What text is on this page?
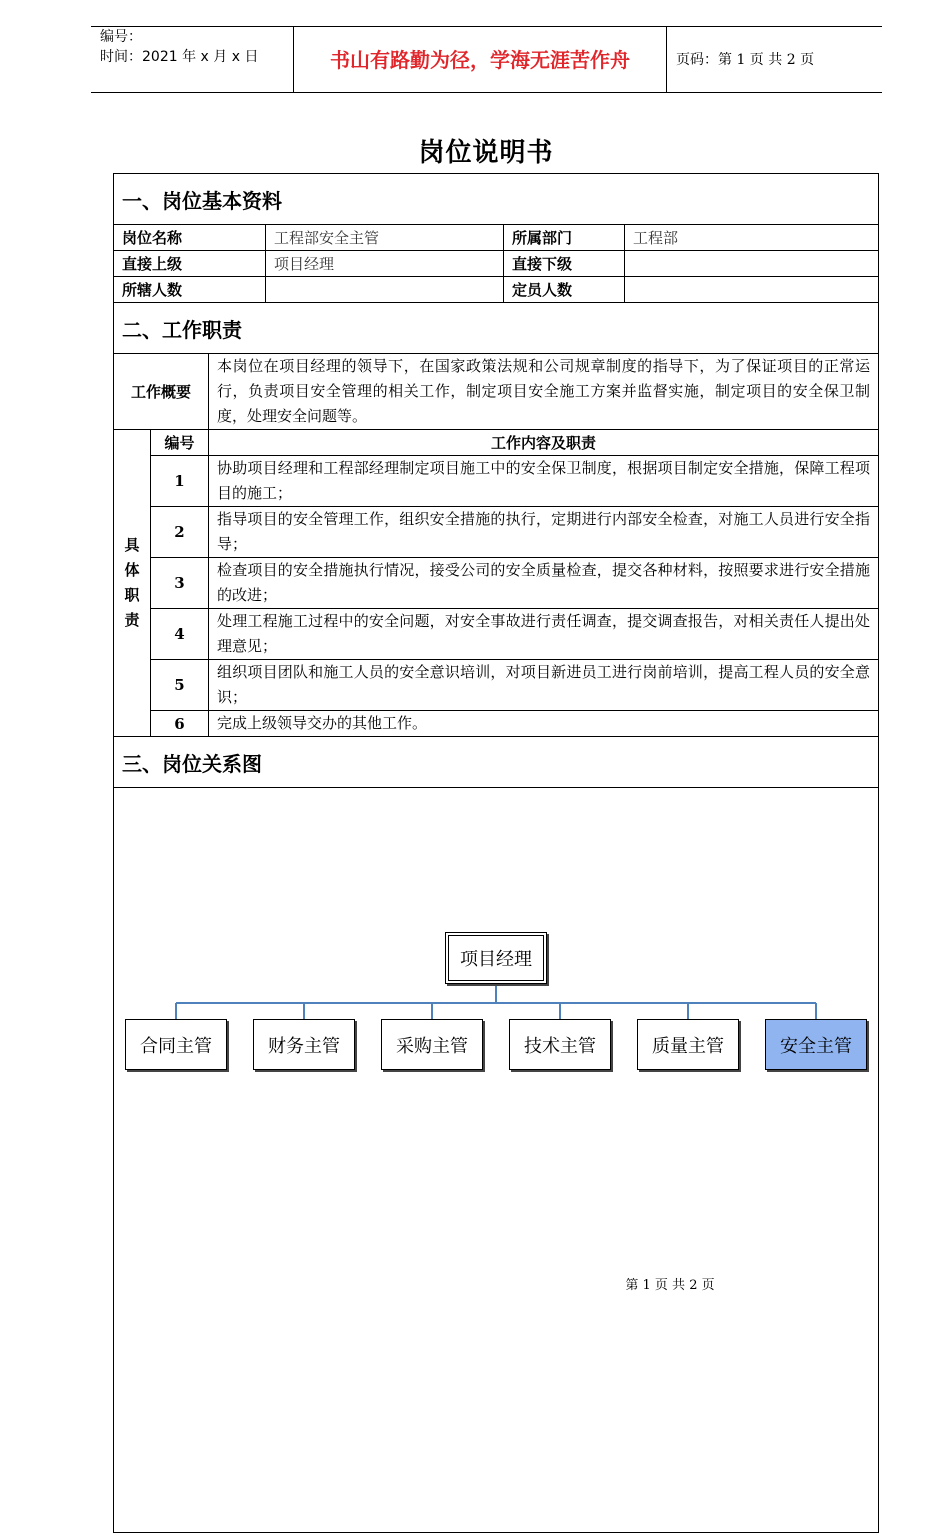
编号：
时间：2021 年 x 月 x 日	书山有路勤为径，学海无涯苦作舟	页码：第 1 页 共 2 页
岗位说明书
一、岗位基本资料					
岗位名称			工程部安全主管	所属部门	工程部
直接上级			项目经理	直接下级	
所辖人数				定员人数	
二、工作职责					
工作概要		本岗位在项目经理的领导下，在国家政策法规和公司规章制度的指导下，为了保证项目的正常运行，负责项目安全管理的相关工作，制定项目安全施工方案并监督实施，制定项目的安全保卫制度，处理安全问题等。			
具
体
职
责	编号	工作内容及职责			
	1	协助项目经理和工程部经理制定项目施工中的安全保卫制度，根据项目制定安全措施，保障工程项目的施工；			
	2	指导项目的安全管理工作，组织安全措施的执行，定期进行内部安全检查，对施工人员进行安全指导；			
	3	检查项目的安全措施执行情况，接受公司的安全质量检查，提交各种材料，按照要求进行安全措施的改进；			
	4	处理工程施工过程中的安全问题，对安全事故进行责任调查，提交调查报告，对相关责任人提出处理意见；			
	5	组织项目团队和施工人员的安全意识培训，对项目新进员工进行岗前培训，提高工程人员的安全意识；			
	6	完成上级领导交办的其他工作。			
三、岗位关系图					

项目经理
合同主管	财务主管	采购主管	技术主管	质量主管	安全主管
第 1 页 共 2 页
